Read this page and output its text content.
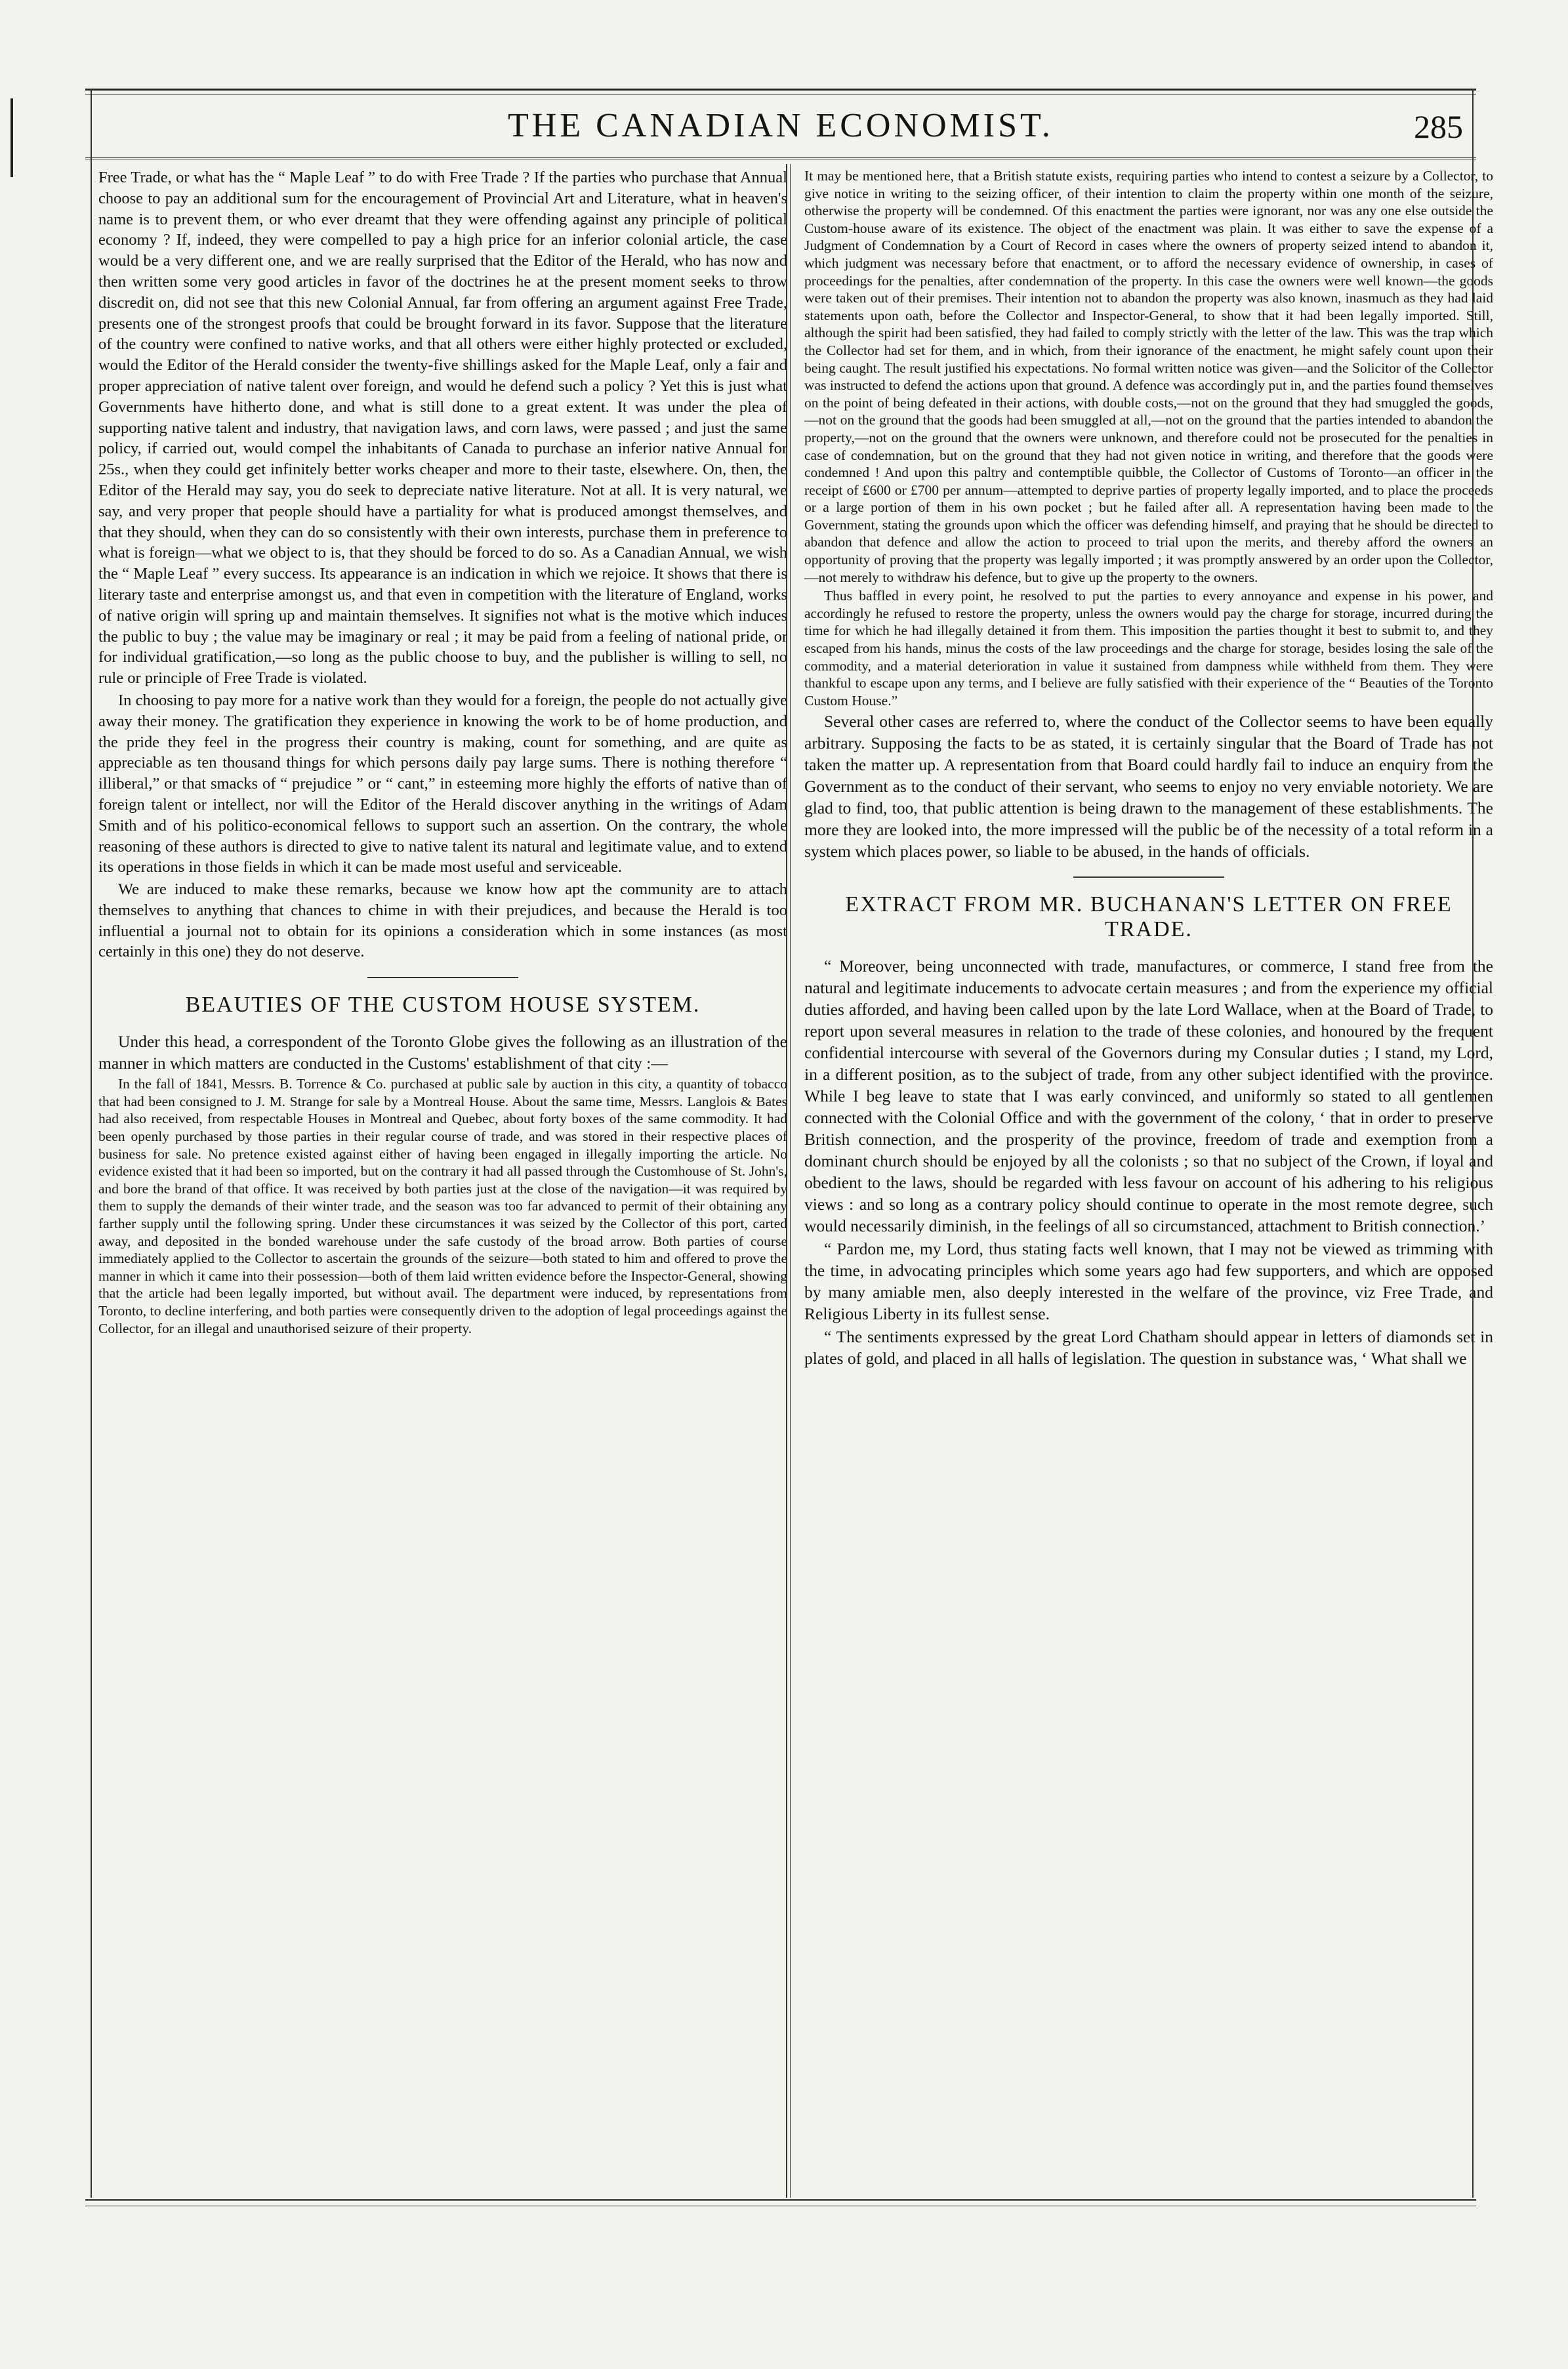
THE CANADIAN ECONOMIST.	285

Free Trade, or what has the “ Maple Leaf ” to do with Free Trade ? If the parties who purchase that Annual choose to pay an additional sum for the encouragement of Provincial Art and Literature, what in heaven's name is to prevent them, or who ever dreamt that they were offending against any principle of political economy ? If, indeed, they were compelled to pay a high price for an inferior colonial article, the case would be a very different one, and we are really surprised that the Editor of the Herald, who has now and then written some very good articles in favor of the doctrines he at the present moment seeks to throw discredit on, did not see that this new Colonial Annual, far from offering an argument against Free Trade, presents one of the strongest proofs that could be brought forward in its favor. Suppose that the literature of the country were confined to native works, and that all others were either highly protected or excluded, would the Editor of the Herald consider the twenty-five shillings asked for the Maple Leaf, only a fair and proper appreciation of native talent over foreign, and would he defend such a policy ? Yet this is just what Governments have hitherto done, and what is still done to a great extent. It was under the plea of supporting native talent and industry, that navigation laws, and corn laws, were passed ; and just the same policy, if carried out, would compel the inhabitants of Canada to purchase an inferior native Annual for 25s., when they could get infinitely better works cheaper and more to their taste, elsewhere. On, then, the Editor of the Herald may say, you do seek to depreciate native literature. Not at all. It is very natural, we say, and very proper that people should have a partiality for what is produced amongst themselves, and that they should, when they can do so consistently with their own interests, purchase them in preference to what is foreign—what we object to is, that they should be forced to do so. As a Canadian Annual, we wish the “ Maple Leaf ” every success. Its appearance is an indication in which we rejoice. It shows that there is literary taste and enterprise amongst us, and that even in competition with the literature of England, works of native origin will spring up and maintain themselves. It signifies not what is the motive which induces the public to buy ; the value may be imaginary or real ; it may be paid from a feeling of national pride, or for individual gratification,—so long as the public choose to buy, and the publisher is willing to sell, no rule or principle of Free Trade is violated.

In choosing to pay more for a native work than they would for a foreign, the people do not actually give away their money. The gratification they experience in knowing the work to be of home production, and the pride they feel in the progress their country is making, count for something, and are quite as appreciable as ten thousand things for which persons daily pay large sums. There is nothing therefore “ illiberal,” or that smacks of “ prejudice ” or “ cant,” in esteeming more highly the efforts of native than of foreign talent or intellect, nor will the Editor of the Herald discover anything in the writings of Adam Smith and of his politico-economical fellows to support such an assertion. On the contrary, the whole reasoning of these authors is directed to give to native talent its natural and legitimate value, and to extend its operations in those fields in which it can be made most useful and serviceable.

We are induced to make these remarks, because we know how apt the community are to attach themselves to anything that chances to chime in with their prejudices, and because the Herald is too influential a journal not to obtain for its opinions a consideration which in some instances (as most certainly in this one) they do not deserve.

BEAUTIES OF THE CUSTOM HOUSE SYSTEM.

Under this head, a correspondent of the Toronto Globe gives the following as an illustration of the manner in which matters are conducted in the Customs' establishment of that city :—

In the fall of 1841, Messrs. B. Torrence & Co. purchased at public sale by auction in this city, a quantity of tobacco that had been consigned to J. M. Strange for sale by a Montreal House. About the same time, Messrs. Langlois & Bates had also received, from respectable Houses in Montreal and Quebec, about forty boxes of the same commodity. It had been openly purchased by those parties in their regular course of trade, and was stored in their respective places of business for sale. No pretence existed against either of having been engaged in illegally importing the article. No evidence existed that it had been so imported, but on the contrary it had all passed through the Customhouse of St. John's, and bore the brand of that office. It was received by both parties just at the close of the navigation—it was required by them to supply the demands of their winter trade, and the season was too far advanced to permit of their obtaining any farther supply until the following spring. Under these circumstances it was seized by the Collector of this port, carted away, and deposited in the bonded warehouse under the safe custody of the broad arrow. Both parties of course immediately applied to the Collector to ascertain the grounds of the seizure—both stated to him and offered to prove the manner in which it came into their possession—both of them laid written evidence before the Inspector-General, showing that the article had been legally imported, but without avail. The department were induced, by representations from Toronto, to decline interfering, and both parties were consequently driven to the adoption of legal proceedings against the Collector, for an illegal and unauthorised seizure of their property.

It may be mentioned here, that a British statute exists, requiring parties who intend to contest a seizure by a Collector, to give notice in writing to the seizing officer, of their intention to claim the property within one month of the seizure, otherwise the property will be condemned. Of this enactment the parties were ignorant, nor was any one else outside the Custom-house aware of its existence. The object of the enactment was plain. It was either to save the expense of a Judgment of Condemnation by a Court of Record in cases where the owners of property seized intend to abandon it, which judgment was necessary before that enactment, or to afford the necessary evidence of ownership, in cases of proceedings for the penalties, after condemnation of the property. In this case the owners were well known—the goods were taken out of their premises. Their intention not to abandon the property was also known, inasmuch as they had laid statements upon oath, before the Collector and Inspector-General, to show that it had been legally imported. Still, although the spirit had been satisfied, they had failed to comply strictly with the letter of the law. This was the trap which the Collector had set for them, and in which, from their ignorance of the enactment, he might safely count upon their being caught. The result justified his expectations. No formal written notice was given—and the Solicitor of the Collector was instructed to defend the actions upon that ground. A defence was accordingly put in, and the parties found themselves on the point of being defeated in their actions, with double costs,—not on the ground that they had smuggled the goods,—not on the ground that the goods had been smuggled at all,—not on the ground that the parties intended to abandon the property,—not on the ground that the owners were unknown, and therefore could not be prosecuted for the penalties in case of condemnation, but on the ground that they had not given notice in writing, and therefore that the goods were condemned ! And upon this paltry and contemptible quibble, the Collector of Customs of Toronto—an officer in the receipt of £600 or £700 per annum—attempted to deprive parties of property legally imported, and to place the proceeds or a large portion of them in his own pocket ; but he failed after all. A representation having been made to the Government, stating the grounds upon which the officer was defending himself, and praying that he should be directed to abandon that defence and allow the action to proceed to trial upon the merits, and thereby afford the owners an opportunity of proving that the property was legally imported ; it was promptly answered by an order upon the Collector,—not merely to withdraw his defence, but to give up the property to the owners.

Thus baffled in every point, he resolved to put the parties to every annoyance and expense in his power, and accordingly he refused to restore the property, unless the owners would pay the charge for storage, incurred during the time for which he had illegally detained it from them. This imposition the parties thought it best to submit to, and they escaped from his hands, minus the costs of the law proceedings and the charge for storage, besides losing the sale of the commodity, and a material deterioration in value it sustained from dampness while withheld from them. They were thankful to escape upon any terms, and I believe are fully satisfied with their experience of the “ Beauties of the Toronto Custom House.”

Several other cases are referred to, where the conduct of the Collector seems to have been equally arbitrary. Supposing the facts to be as stated, it is certainly singular that the Board of Trade has not taken the matter up. A representation from that Board could hardly fail to induce an enquiry from the Government as to the conduct of their servant, who seems to enjoy no very enviable notoriety. We are glad to find, too, that public attention is being drawn to the management of these establishments. The more they are looked into, the more impressed will the public be of the necessity of a total reform in a system which places power, so liable to be abused, in the hands of officials.

EXTRACT FROM MR. BUCHANAN'S LETTER ON FREE TRADE.

“ Moreover, being unconnected with trade, manufactures, or commerce, I stand free from the natural and legitimate inducements to advocate certain measures ; and from the experience my official duties afforded, and having been called upon by the late Lord Wallace, when at the Board of Trade, to report upon several measures in relation to the trade of these colonies, and honoured by the frequent confidential intercourse with several of the Governors during my Consular duties ; I stand, my Lord, in a different position, as to the subject of trade, from any other subject identified with the province. While I beg leave to state that I was early convinced, and uniformly so stated to all gentlemen connected with the Colonial Office and with the government of the colony, ‘ that in order to preserve British connection, and the prosperity of the province, freedom of trade and exemption from a dominant church should be enjoyed by all the colonists ; so that no subject of the Crown, if loyal and obedient to the laws, should be regarded with less favour on account of his adhering to his religious views : and so long as a contrary policy should continue to operate in the most remote degree, such would necessarily diminish, in the feelings of all so circumstanced, attachment to British connection.’

“ Pardon me, my Lord, thus stating facts well known, that I may not be viewed as trimming with the time, in advocating principles which some years ago had few supporters, and which are opposed by many amiable men, also deeply interested in the welfare of the province, viz Free Trade, and Religious Liberty in its fullest sense.

“ The sentiments expressed by the great Lord Chatham should appear in letters of diamonds set in plates of gold, and placed in all halls of legislation. The question in substance was, ‘ What shall we
